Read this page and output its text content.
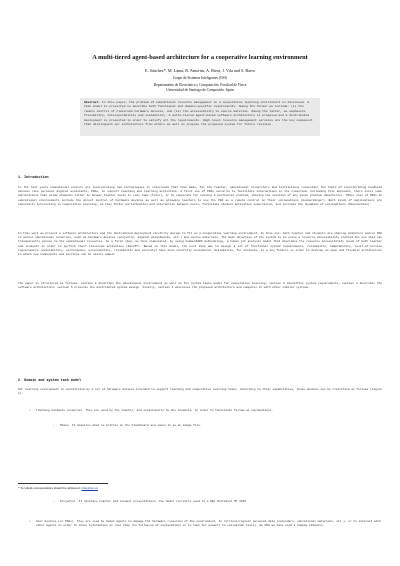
A multi-tiered agent-based architecture for a cooperative learning environment
E. Sánchez*, M. Lama, R. Amorim, A. Riera, J. Vila and S. Barro
Grupo de Sistemas Inteligentes (GSI)
Departamento de Electrónica y Computación. Facultad de Física
Universidad de Santiago de Compostela. Spain
Abstract. In this paper, the problem of educational resource management in a cooperative learning environment is discussed. A task model is presented to describe both functional and domain-specific requirements. Among the former we include: (i) the remote control of classroom hardware devices, and (ii) the accessibility to course material. Among the latter, we emphasize flexibility, interoperability and scalability. A multi-tiered agent-based software architecture is proposed and a distributed deployment is presented in order to satisfy all the requirements. High-level resource management services are the key component that distinguish our architecture from others as well as propose the proposed system for future revision.
1. Introduction

In the last years educational centers are incorporating new technologies in classrooms that have made, for the teacher, educational researchers and institutions reconsider the topic of incorporating handheld devices like personal digital assistants, PDAs, to support teaching and learning activities. A first use of PDAs could be to facilitate interactions in the classroom. Following this approach, there exist some applications that allow students either to answer teacher tests in real time (Tutor), or to cooperate for solving a particular problem, sharing the solution of any given problem (Roschelle). Other uses of PDAs in educational environments include the direct control of hardware devices as well as allowing teachers to use the PDA as a remote control in their explanations (Heimerdinger). Both kinds of applications are especially interesting in cooperative learning, as they foster participation and interaction between peers, facilitate student activities supervision, and increase the dynamism of explanations (Rosenschein).

In this work we present a software architecture and the distributed deployment carefully design to fit on a cooperative learning environment. In this one, both teacher and students are sharing computers and/or PDA to access educational resources, such as hardware devices (projector, digital whiteboards, etc.) and course materials. The main objective of the system is to solve a resource accessibility problem the one that can transparently access to the educational resources. As a first step, we have elaborated, by using CommonKADS methodology, a human job analysis model that describes the resource accessibility needs of both teacher and students in order to perform their classroom activities (Zanoff). Based on this model, the next step was to design a set of functional system requirements, reliability, adaptability, level-of-service requirements (availability, performance, extensibility, reliability and security) have been carefully considered. Scalability, for instance, is a key feature in order to develop an open and flexible architecture in which new components and services can be easily added.

The paper is structured as follows: section 2 describes the educational environment as well as the system tasks model for cooperative learning; section 3 identifies system requirements; section 4 describes the software architecture; section 5 presents the distributed system design. Finally, section 6 discusses the proposed architecture and compares it with other similar systems.

2. Domain and system task model

Our learning environment is constituted by a set of hardware devices intended to support teaching and cooperative learning tasks. According to their capabilities, those devices can be classified as follows (Figure 1):

• Teaching hardware resources. They are used by the teacher, and occasionally by the students, in order to facilitate follow-up explanations.
– Mimio. It acquires what is written on the blackboard and saves it as an image file.
– Projector. It displays teacher and student presentations. The model currently used is a NEC MultiSync MT 1035.
• User devices (or PDAs). They are used by human agents to manage the hardware resources of the environment, to retrieve/request personal data (calendars, educational materials, etc.), or to interact with other agents in order to share information in real time (to follow-up of explanations or to look for answers to evaluation tests). We PDA we have used a Compaq iPaq4xxx.
* To whom correspondence should be addressed: elias@usc.es
